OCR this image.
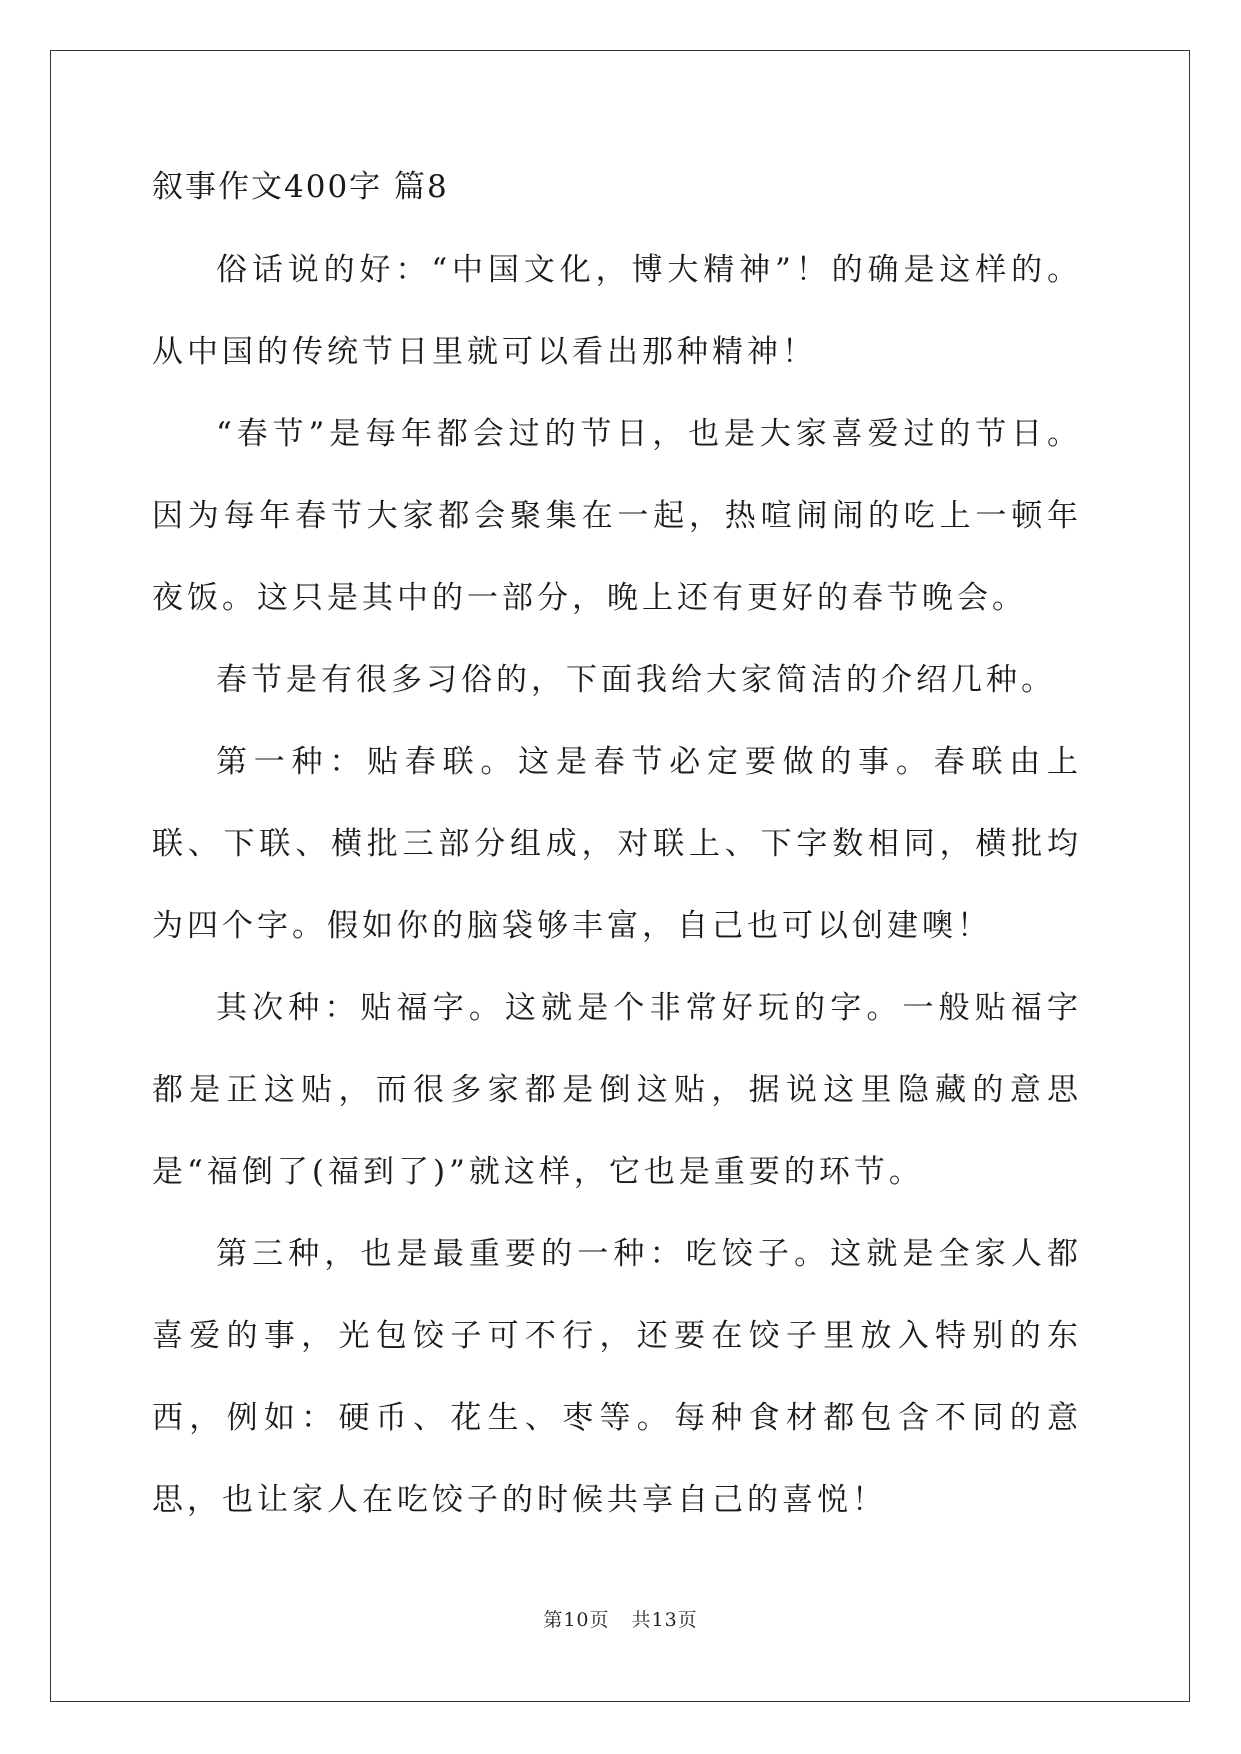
叙事作文400字 篇8

俗话说的好：“中国文化，博大精神”！的确是这样的。从中国的传统节日里就可以看出那种精神！

“春节”是每年都会过的节日，也是大家喜爱过的节日。因为每年春节大家都会聚集在一起，热喧闹闹的吃上一顿年夜饭。这只是其中的一部分，晚上还有更好的春节晚会。

春节是有很多习俗的，下面我给大家简洁的介绍几种。

第一种：贴春联。这是春节必定要做的事。春联由上联、下联、横批三部分组成，对联上、下字数相同，横批均为四个字。假如你的脑袋够丰富，自己也可以创建噢！

其次种：贴福字。这就是个非常好玩的字。一般贴福字都是正这贴，而很多家都是倒这贴，据说这里隐藏的意思是“福倒了(福到了)”就这样，它也是重要的环节。

第三种，也是最重要的一种：吃饺子。这就是全家人都喜爱的事，光包饺子可不行，还要在饺子里放入特别的东西，例如：硬币、花生、枣等。每种食材都包含不同的意思，也让家人在吃饺子的时候共享自己的喜悦！

第10页 共13页
